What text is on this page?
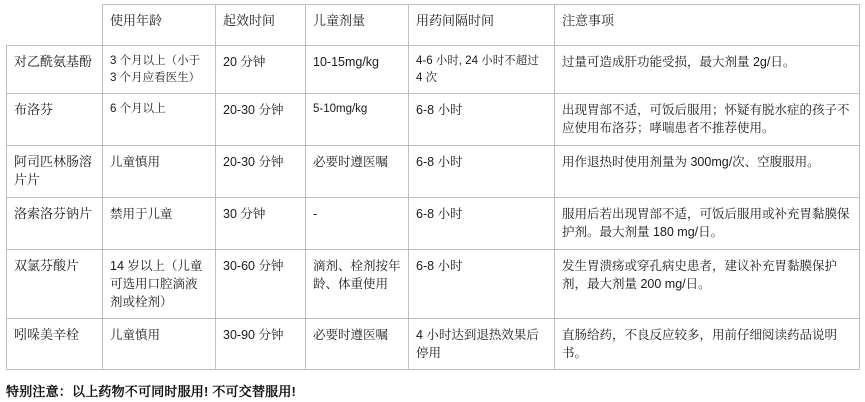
	使用年龄	起效时间	儿童剂量	用药间隔时间	注意事项
对乙酰氨基酚	3 个月以上（小于 3 个月应看医生）	20 分钟	10-15mg/kg	4-6 小时, 24 小时不超过 4 次	过量可造成肝功能受损，最大剂量 2g/日。
布洛芬	6 个月以上	20-30 分钟	5-10mg/kg	6-8 小时	出现胃部不适，可饭后服用；怀疑有脱水症的孩子不应使用布洛芬；哮喘患者不推荐使用。
阿司匹林肠溶片片	儿童慎用	20-30 分钟	必要时遵医嘱	6-8 小时	用作退热时使用剂量为 300mg/次、空腹服用。
洛索洛芬钠片	禁用于儿童	30 分钟	-	6-8 小时	服用后若出现胃部不适，可饭后服用或补充胃黏膜保护剂。最大剂量 180 mg/日。
双氯芬酸片	14 岁以上（儿童可选用口腔滴液剂或栓剂）	30-60 分钟	滴剂、栓剂按年龄、体重使用	6-8 小时	发生胃溃疡或穿孔病史患者，建议补充胃黏膜保护剂，最大剂量 200 mg/日。
吲哚美辛栓	儿童慎用	30-90 分钟	必要时遵医嘱	4 小时达到退热效果后停用	直肠给药，不良反应较多，用前仔细阅读药品说明书。
特别注意：以上药物不可同时服用! 不可交替服用!
